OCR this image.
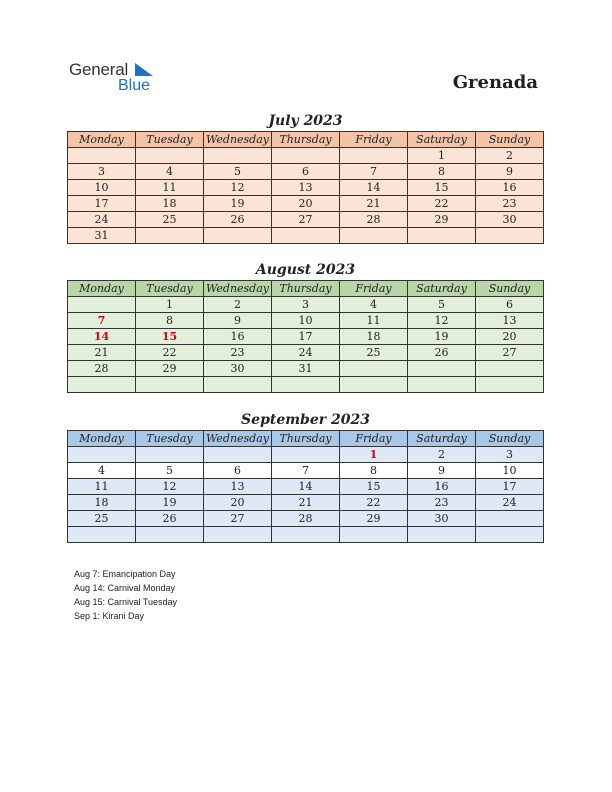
General
Blue	Grenada
July 2023
Monday	Tuesday	Wednesday	Thursday	Friday	Saturday	Sunday
					1	2
3	4	5	6	7	8	9
10	11	12	13	14	15	16
17	18	19	20	21	22	23
24	25	26	27	28	29	30
31						
August 2023
Monday	Tuesday	Wednesday	Thursday	Friday	Saturday	Sunday
	1	2	3	4	5	6
7	8	9	10	11	12	13
14	15	16	17	18	19	20
21	22	23	24	25	26	27
28	29	30	31			

September 2023
Monday	Tuesday	Wednesday	Thursday	Friday	Saturday	Sunday
				1	2	3
4	5	6	7	8	9	10
11	12	13	14	15	16	17
18	19	20	21	22	23	24
25	26	27	28	29	30	

Aug 7: Emancipation Day
Aug 14: Carnival Monday
Aug 15: Carnival Tuesday
Sep 1: Kirani Day
